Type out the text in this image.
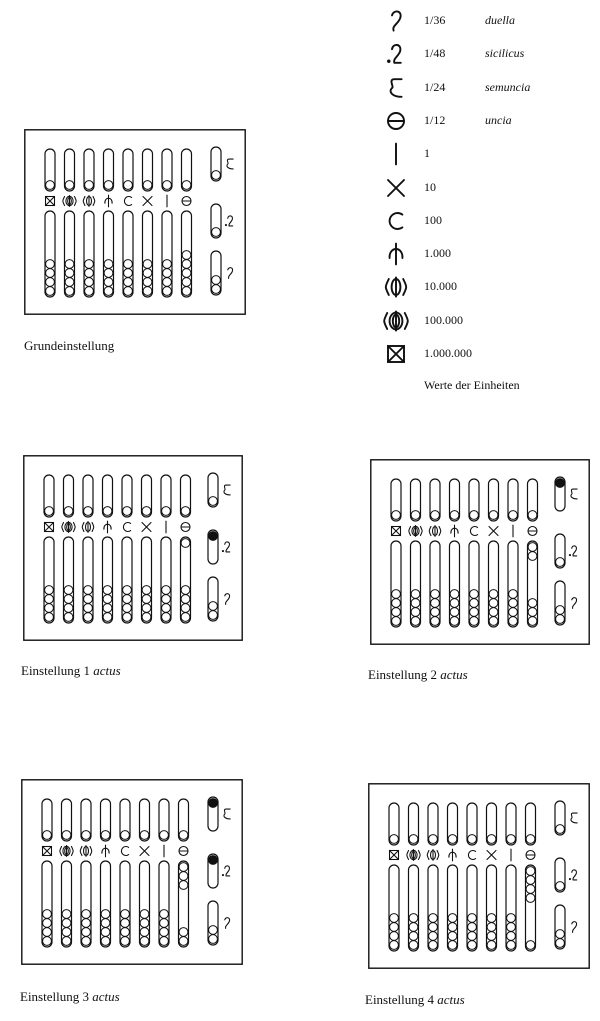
Grundeinstellung
Einstellung 1 actus	Einstellung 2 actus
Einstellung 3 actus	Einstellung 4 actus
1/36	duella
1/48	sicilicus
1/24	semuncia
1/12	uncia
1
10
100
1.000
10.000
100.000
1.000.000
Werte der Einheiten
